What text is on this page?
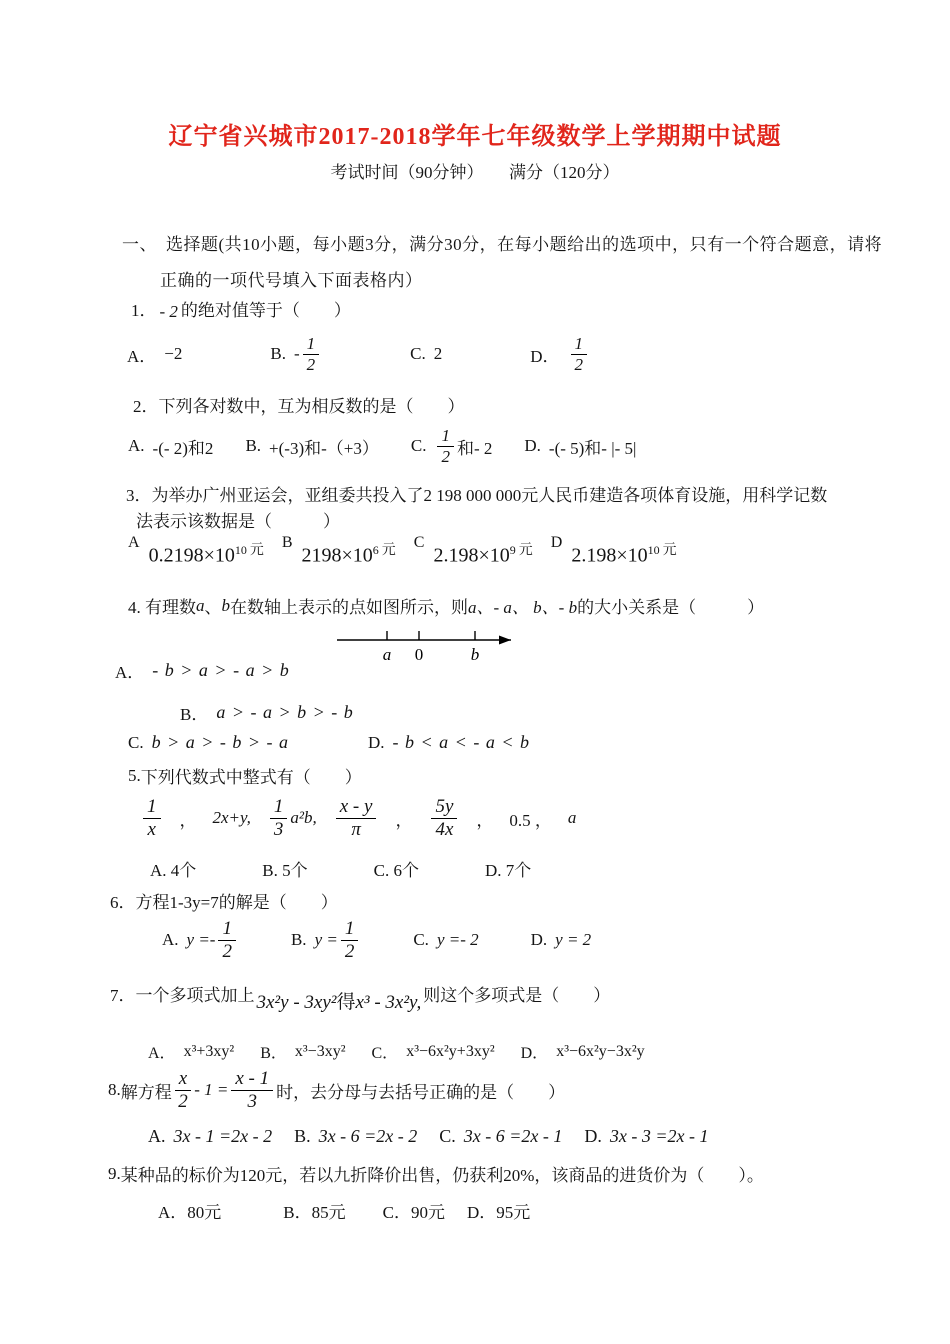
辽宁省兴城市2017-2018学年七年级数学上学期期中试题
考试时间（90分钟）　　满分（120分）
一、　选择题(共10小题，每小题3分，满分30分，在每小题给出的选项中，只有一个符合题意，请将
正确的一项代号填入下面表格内）
1． - 2 的绝对值等于（　　）
A． −2	B. - $\frac{1}{2}$	C. 2	D． $\frac{1}{2}$
2． 下列各对数中，互为相反数的是（　　）
A. -(- 2)和2 B. +(-3)和-（+3） C. $\frac{1}{2}$ 和- 2 D. -(- 5)和- |- 5|
3．为举办广州亚运会，亚组委共投入了2 198 000 000元人民币建造各项体育设施，用科学记数
法表示该数据是（　　　）
A
$0.2198\times 10^{10}$ $^元$ B
$2198\times 10^6$ $^元$ C
$2.198\times 10^9$ $^元$ D
$2.198\times 10^{10}$ $^元$
4. 有理数 a 、 b 在数轴上表示的点如图所示，则 a、- a、 b、- b 的大小关系是（　　　）
a 0	b
A． - b > a > - a > b
B． a > - a > b > - b
C. b > a > - b > - a	D. - b < a < - a < b
5. 下列代数式中整式有（　　）
$\frac{1}{x}$ ， 2x+y, $\frac{1}{3} a^2b$, $\frac{x - y}{\pi}$ ， $\frac{5y}{4x}$ ， 0.5 ， a
A. 4个	B. 5个	C. 6个	D. 7个
6． 方程1-3y=7的解是（　　）
A. $y =- \frac{1}{2}$	B. $y = \frac{1}{2}$	C. y =- 2	D. y = 2
7． 一个多项式加上 3x²y - 3xy²得x³ - 3x²y, 则这个多项式是（　　）
A． x³+3xy² B． x³−3xy² C． x³−6x²y+3xy² D． x³−6x²y−3x²y
8. 解方程 $\frac{x}{2} - 1 = \frac{x - 1}{3}$ 时，去分母与去括号正确的是（　　）
A. 3x - 1 =2x - 2 B. 3x - 6 =2x - 2 C. 3x - 6 =2x - 1 D. 3x - 3 =2x - 1
9. 某种品的标价为120元，若以九折降价出售，仍获利20%，该商品的进货价为（　　）。
A．80元	B．85元 C．90元 D．95元
